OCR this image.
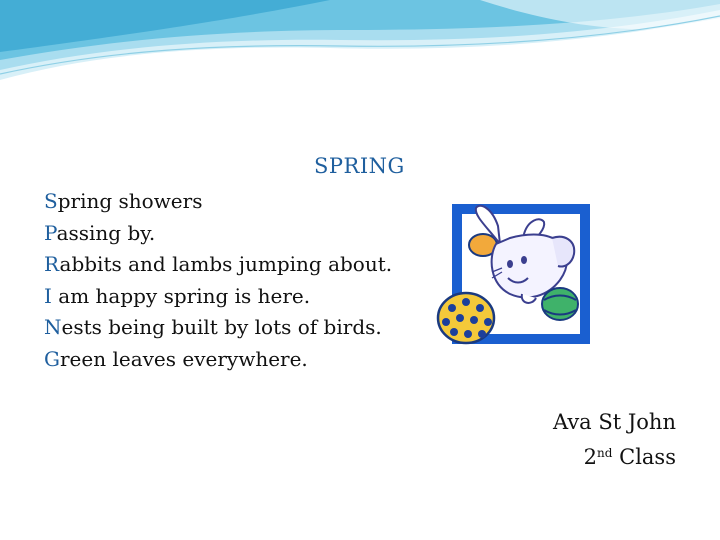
SPRING
Spring showers
Passing by.
Rabbits and lambs jumping about.
I am happy spring is here.
Nests being built by lots of birds.
Green leaves everywhere.
Ava St John
2nd Class
